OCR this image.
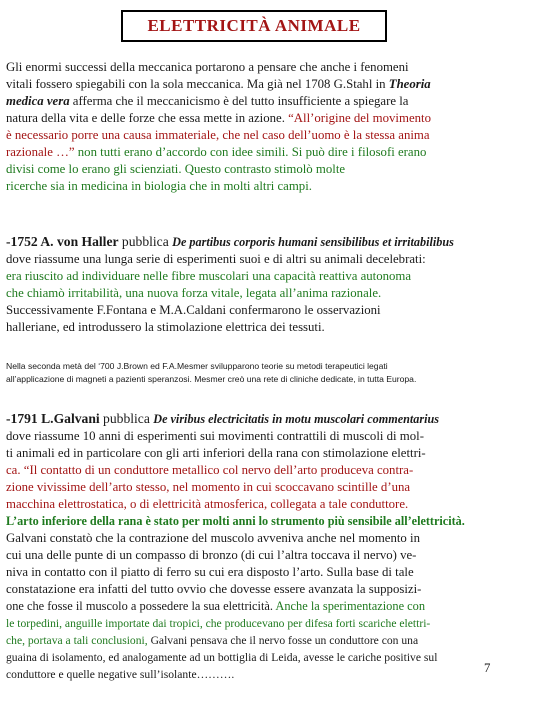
ELETTRICITÀ ANIMALE
Gli enormi successi della meccanica portarono a pensare che anche i fenomeni
vitali fossero spiegabili con la sola meccanica. Ma già nel 1708 G.Stahl in Theoria
medica vera afferma che il meccanicismo è del tutto insufficiente a spiegare la
natura della vita e delle forze che essa mette in azione. “All’origine del movimento
è necessario porre una causa immateriale, che nel caso dell’uomo è la stessa anima
razionale …” non tutti erano d’accordo con idee simili. Si può dire i filosofi erano
divisi come lo erano gli scienziati. Questo contrasto stimolò molte
ricerche sia in medicina in biologia che in molti altri campi.
-1752 A. von Haller pubblica De partibus corporis humani sensibilibus et irritabilibus
dove riassume una lunga serie di esperimenti suoi e di altri su animali decelebrati:
era riuscito ad individuare nelle fibre muscolari una capacità reattiva autonoma
che chiamò irritabilità, una nuova forza vitale, legata all’anima razionale.
Successivamente F.Fontana e M.A.Caldani confermarono le osservazioni
halleriane, ed introdussero la stimolazione elettrica dei tessuti.
Nella seconda metà del ‘700 J.Brown ed F.A.Mesmer svilupparono teorie su metodi terapeutici legati
all’applicazione di magneti a pazienti speranzosi. Mesmer creò una rete di cliniche dedicate, in tutta Europa.
-1791 L.Galvani pubblica De viribus electricitatis in motu muscolari commentarius
dove riassume 10 anni di esperimenti sui movimenti contrattili di muscoli di mol-
ti animali ed in particolare con gli arti inferiori della rana con stimolazione elettri-
ca. “Il contatto di un conduttore metallico col nervo dell’arto produceva contra-
zione vivissime dell’arto stesso, nel momento in cui scoccavano scintille d’una
macchina elettrostatica, o di elettricità atmosferica, collegata a tale conduttore.
L’arto inferiore della rana è stato per molti anni lo strumento più sensibile all’elettricità.
Galvani constatò che la contrazione del muscolo avveniva anche nel momento in
cui una delle punte di un compasso di bronzo (di cui l’altra toccava il nervo) ve-
niva in contatto con il piatto di ferro su cui era disposto l’arto. Sulla base di tale
constatazione era infatti del tutto ovvio che dovesse essere avanzata la supposizi-
one che fosse il muscolo a possedere la sua elettricità. Anche la sperimentazione con
le torpedini, anguille importate dai tropici, che producevano per difesa forti scariche elettri-
che, portava a tali conclusioni, Galvani pensava che il nervo fosse un conduttore con una
guaina di isolamento, ed analogamente ad un bottiglia di Leida, avesse le cariche positive sul
conduttore e quelle negative sull’isolante……….	7
